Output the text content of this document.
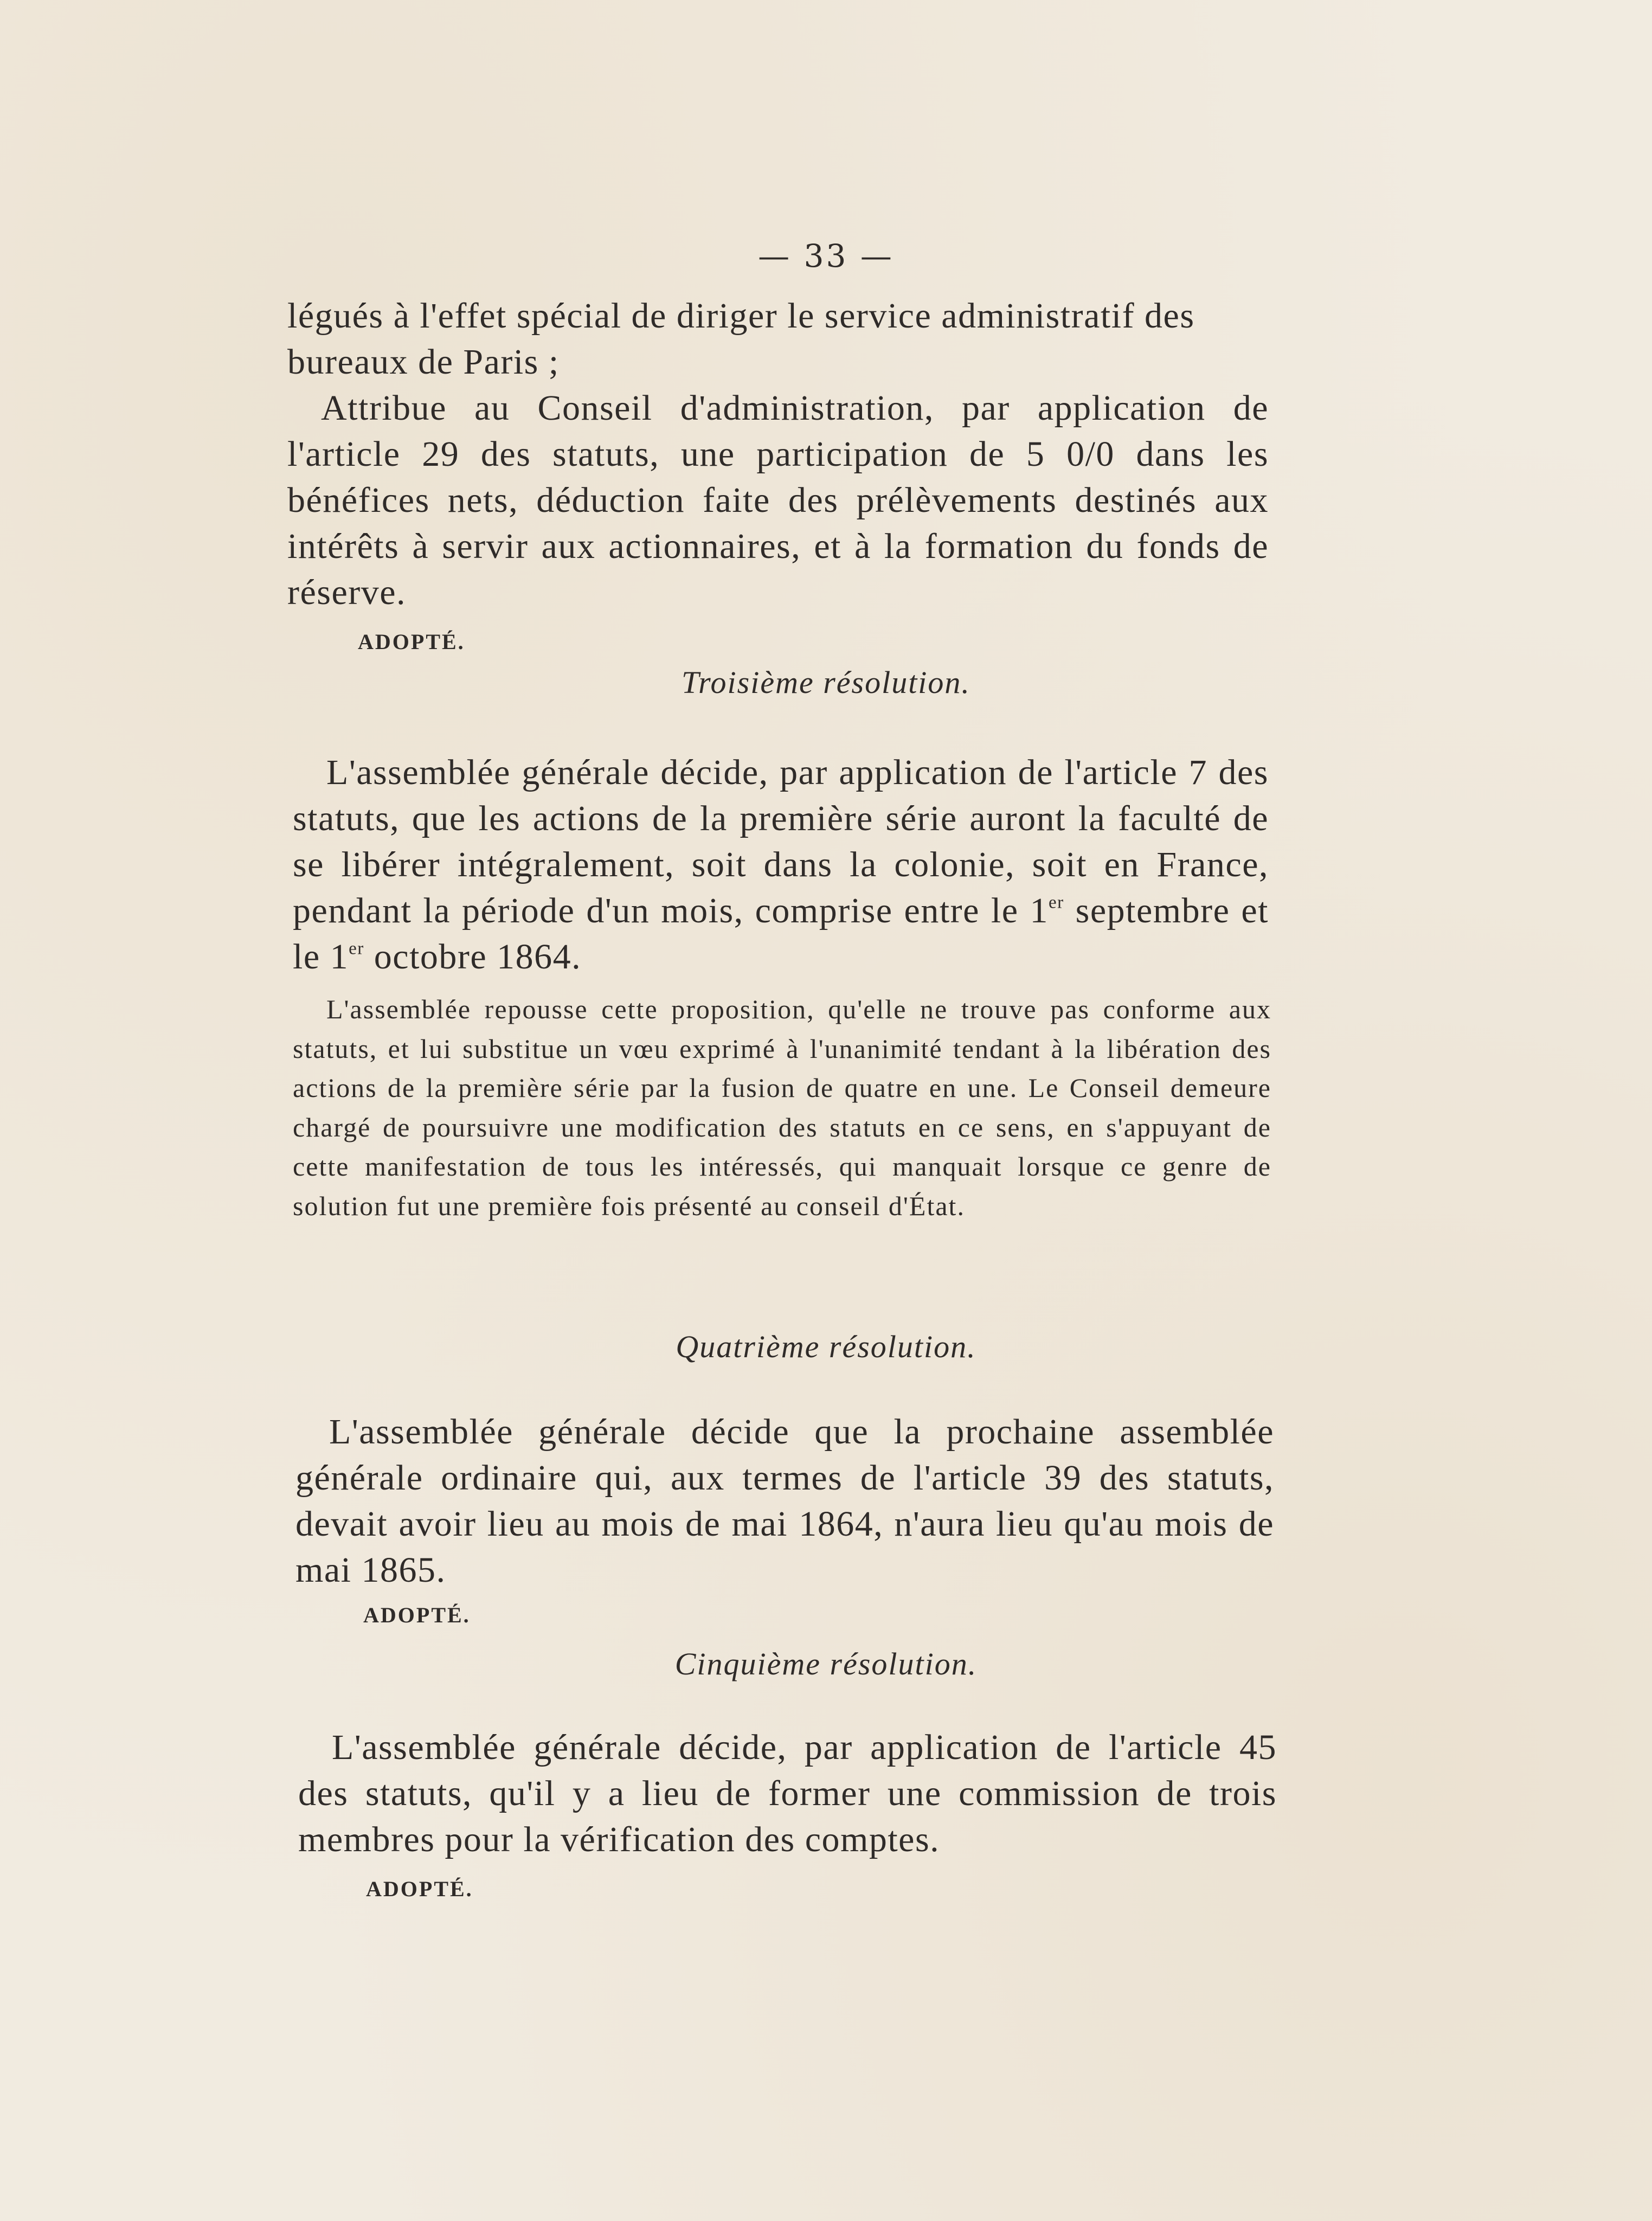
— 33 —
légués à l'effet spécial de diriger le service administratif des
bureaux de Paris ;

Attribue au Conseil d'administration, par application de l'article 29 des statuts, une participation de 5 0/0 dans les bénéfices nets, déduction faite des prélèvements destinés aux intérêts à servir aux actionnaires, et à la formation du fonds de réserve.

ADOPTÉ.
Troisième résolution.

L'assemblée générale décide, par application de l'article 7 des statuts, que les actions de la première série auront la faculté de se libérer intégralement, soit dans la colonie, soit en France, pendant la période d'un mois, comprise entre le 1er septembre et le 1er octobre 1864.

L'assemblée repousse cette proposition, qu'elle ne trouve pas conforme aux statuts, et lui substitue un vœu exprimé à l'unanimité tendant à la libération des actions de la première série par la fusion de quatre en une. Le Conseil demeure chargé de poursuivre une modification des statuts en ce sens, en s'appuyant de cette manifestation de tous les intéressés, qui manquait lorsque ce genre de solution fut une première fois présenté au conseil d'État.

Quatrième résolution.

L'assemblée générale décide que la prochaine assemblée générale ordinaire qui, aux termes de l'article 39 des statuts, devait avoir lieu au mois de mai 1864, n'aura lieu qu'au mois de mai 1865.

ADOPTÉ.
Cinquième résolution.

L'assemblée générale décide, par application de l'article 45 des statuts, qu'il y a lieu de former une commission de trois membres pour la vérification des comptes.

ADOPTÉ.
